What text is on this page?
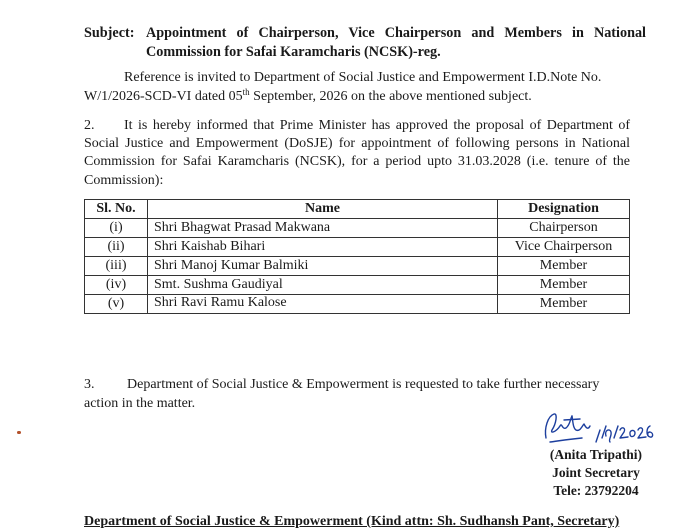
Subject: Appointment of Chairperson, Vice Chairperson and Members in National Commission for Safai Karamcharis (NCSK)-reg.
Reference is invited to Department of Social Justice and Empowerment I.D.Note No.
W/1/2026-SCD-VI dated 05th September, 2026 on the above mentioned subject.
2. It is hereby informed that Prime Minister has approved the proposal of Department of Social Justice and Empowerment (DoSJE) for appointment of following persons in National Commission for Safai Karamcharis (NCSK), for a period upto 31.03.2028 (i.e. tenure of the Commission):
Sl. No.	Name	Designation
(i)	Shri Bhagwat Prasad Makwana	Chairperson
(ii)	Shri Kaishab Bihari	Vice Chairperson
(iii)	Shri Manoj Kumar Balmiki	Member
(iv)	Smt. Sushma Gaudiyal	Member
(v)	Shri Ravi Ramu Kalose	Member
3. Department of Social Justice & Empowerment is requested to take further necessary action in the matter.
(Anita Tripathi)
Joint Secretary
Tele: 23792204
Department of Social Justice & Empowerment (Kind attn: Sh. Sudhansh Pant, Secretary)
